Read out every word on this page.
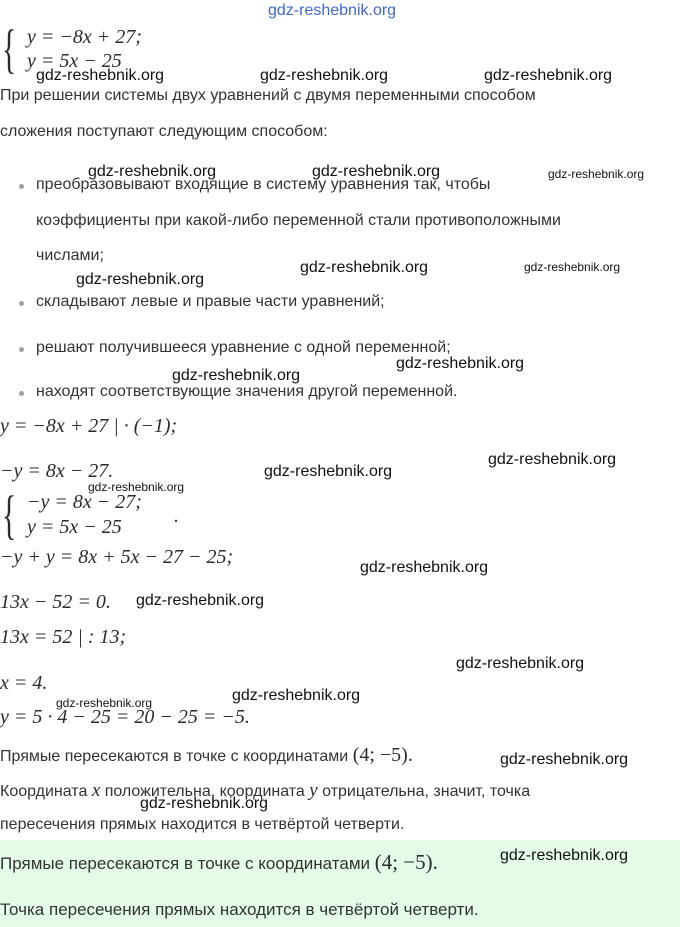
gdz-reshebnik.org
{ y = −8x + 27;
y = 5x − 25
При решении системы двух уравнений с двумя переменными способом
сложения поступают следующим способом:
преобразовывают входящие в систему уравнения так, чтобы
коэффициенты при какой-либо переменной стали противоположными
числами;
складывают левые и правые части уравнений;
решают получившееся уравнение с одной переменной;
находят соответствующие значения другой переменной.
y = −8x + 27 | · (−1);
−y = 8x − 27.
{ −y = 8x − 27;
y = 5x − 25	.
−y + y = 8x + 5x − 27 − 25;
13x − 52 = 0.
13x = 52 | : 13;
x = 4.
y = 5 · 4 − 25 = 20 − 25 = −5.
Прямые пересекаются в точке с координатами (4; −5).
Координата x положительна, координата y отрицательна, значит, точка
пересечения прямых находится в четвёртой четверти.
Прямые пересекаются в точке с координатами (4; −5).
Точка пересечения прямых находится в четвёртой четверти.
gdz-reshebnik.org	gdz-reshebnik.org	gdz-reshebnik.org
gdz-reshebnik.org	gdz-reshebnik.org	gdz-reshebnik.org
gdz-reshebnik.org
gdz-reshebnik.org	gdz-reshebnik.org
gdz-reshebnik.org
gdz-reshebnik.org
gdz-reshebnik.org
gdz-reshebnik.org
gdz-reshebnik.org
gdz-reshebnik.org
gdz-reshebnik.org
gdz-reshebnik.org
gdz-reshebnik.org
gdz-reshebnik.org
gdz-reshebnik.org
gdz-reshebnik.org
gdz-reshebnik.org
